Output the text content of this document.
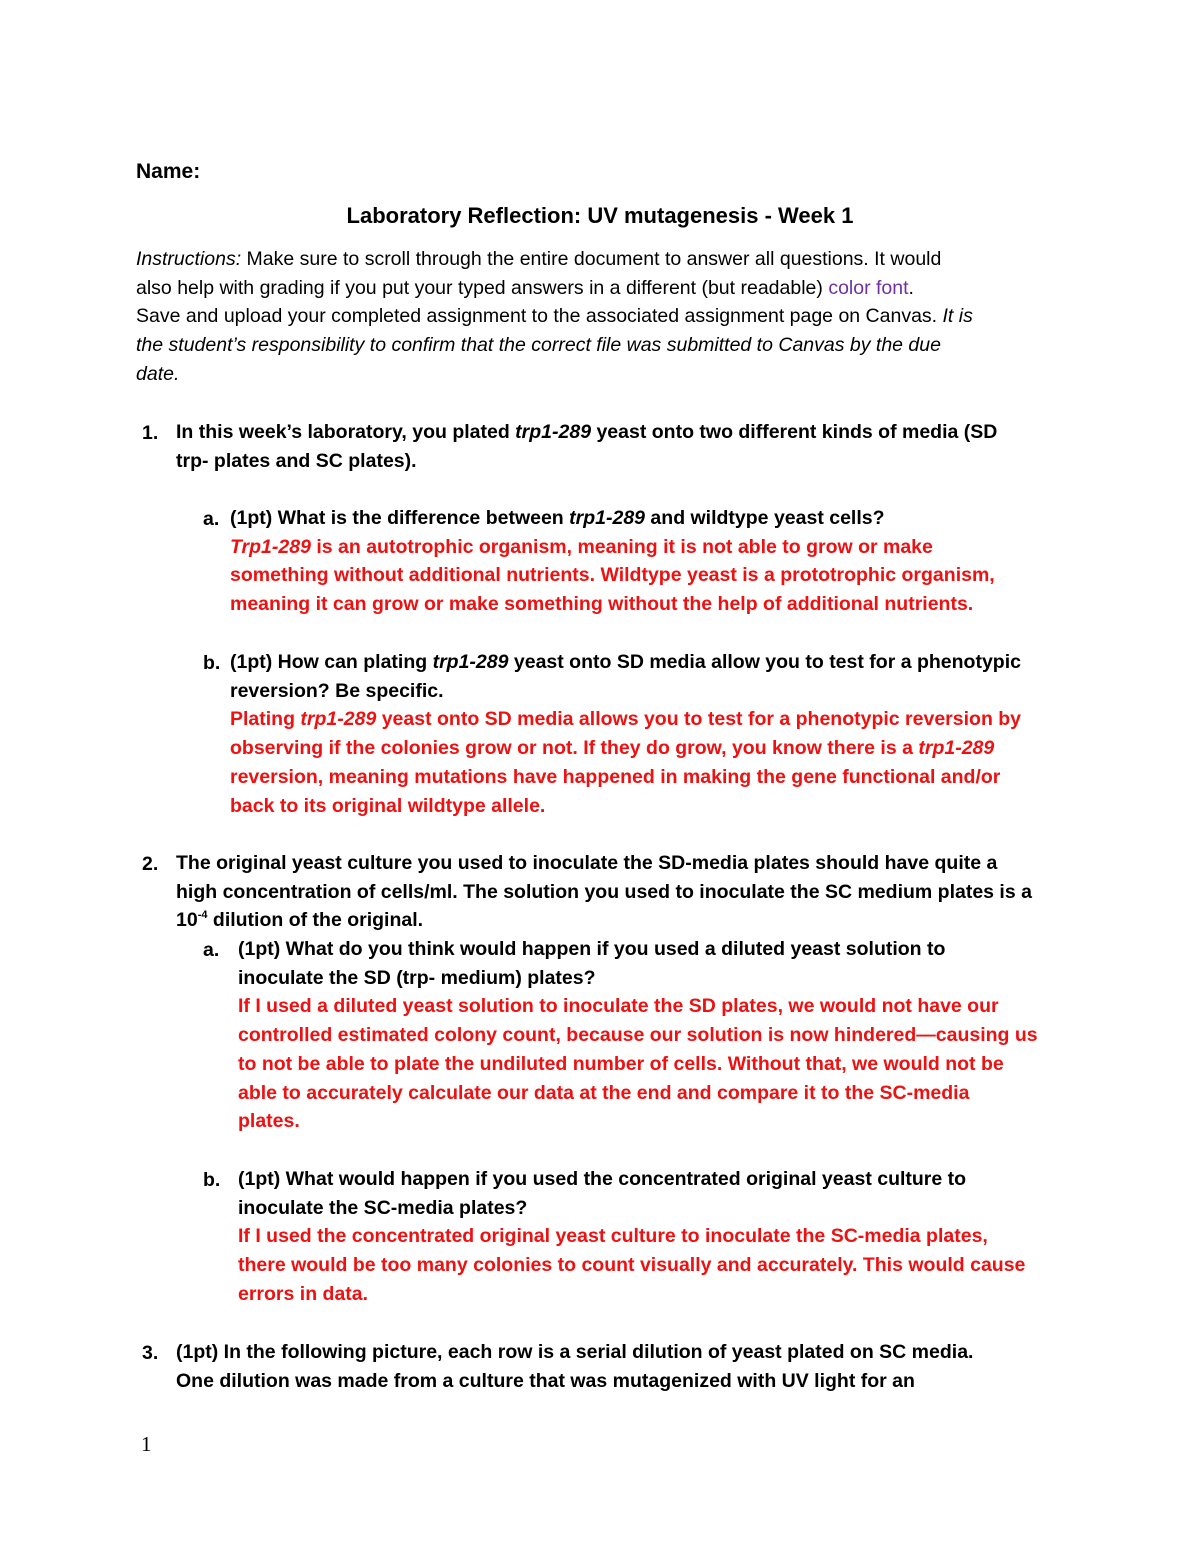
Name:
Laboratory Reflection: UV mutagenesis - Week 1
Instructions: Make sure to scroll through the entire document to answer all questions. It would
also help with grading if you put your typed answers in a different (but readable) color font.
Save and upload your completed assignment to the associated assignment page on Canvas. It is
the student’s responsibility to confirm that the correct file was submitted to Canvas by the due
date.
1. In this week’s laboratory, you plated trp1-289 yeast onto two different kinds of media (SD
trp- plates and SC plates).
a. (1pt) What is the difference between trp1-289 and wildtype yeast cells?
Trp1-289 is an autotrophic organism, meaning it is not able to grow or make
something without additional nutrients. Wildtype yeast is a prototrophic organism,
meaning it can grow or make something without the help of additional nutrients.
b. (1pt) How can plating trp1-289 yeast onto SD media allow you to test for a phenotypic
reversion? Be specific.
Plating trp1-289 yeast onto SD media allows you to test for a phenotypic reversion by
observing if the colonies grow or not. If they do grow, you know there is a trp1-289
reversion, meaning mutations have happened in making the gene functional and/or
back to its original wildtype allele.
2. The original yeast culture you used to inoculate the SD-media plates should have quite a
high concentration of cells/ml. The solution you used to inoculate the SC medium plates is a
$10^{-4}$ dilution of the original.
a. (1pt) What do you think would happen if you used a diluted yeast solution to
inoculate the SD (trp- medium) plates?
If I used a diluted yeast solution to inoculate the SD plates, we would not have our
controlled estimated colony count, because our solution is now hindered—causing us
to not be able to plate the undiluted number of cells. Without that, we would not be
able to accurately calculate our data at the end and compare it to the SC-media
plates.
b. (1pt) What would happen if you used the concentrated original yeast culture to
inoculate the SC-media plates?
If I used the concentrated original yeast culture to inoculate the SC-media plates,
there would be too many colonies to count visually and accurately. This would cause
errors in data.
3. (1pt) In the following picture, each row is a serial dilution of yeast plated on SC media.
One dilution was made from a culture that was mutagenized with UV light for an
1
